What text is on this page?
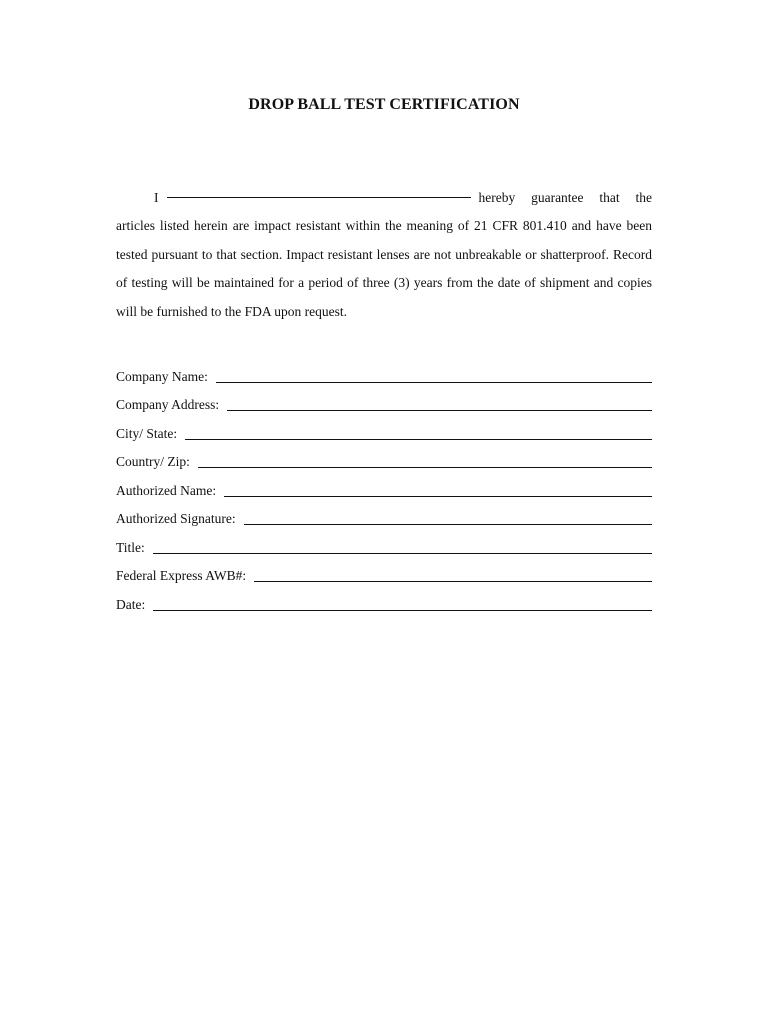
DROP BALL TEST CERTIFICATION
I	hereby guarantee that the
articles listed herein are impact resistant within the meaning of 21 CFR 801.410 and have been tested pursuant to that section. Impact resistant lenses are not unbreakable or shatterproof. Record of testing will be maintained for a period of three (3) years from the date of shipment and copies will be furnished to the FDA upon request.
Company Name:
Company Address:
City/ State:
Country/ Zip:
Authorized Name:
Authorized Signature:
Title:
Federal Express AWB#:
Date:
